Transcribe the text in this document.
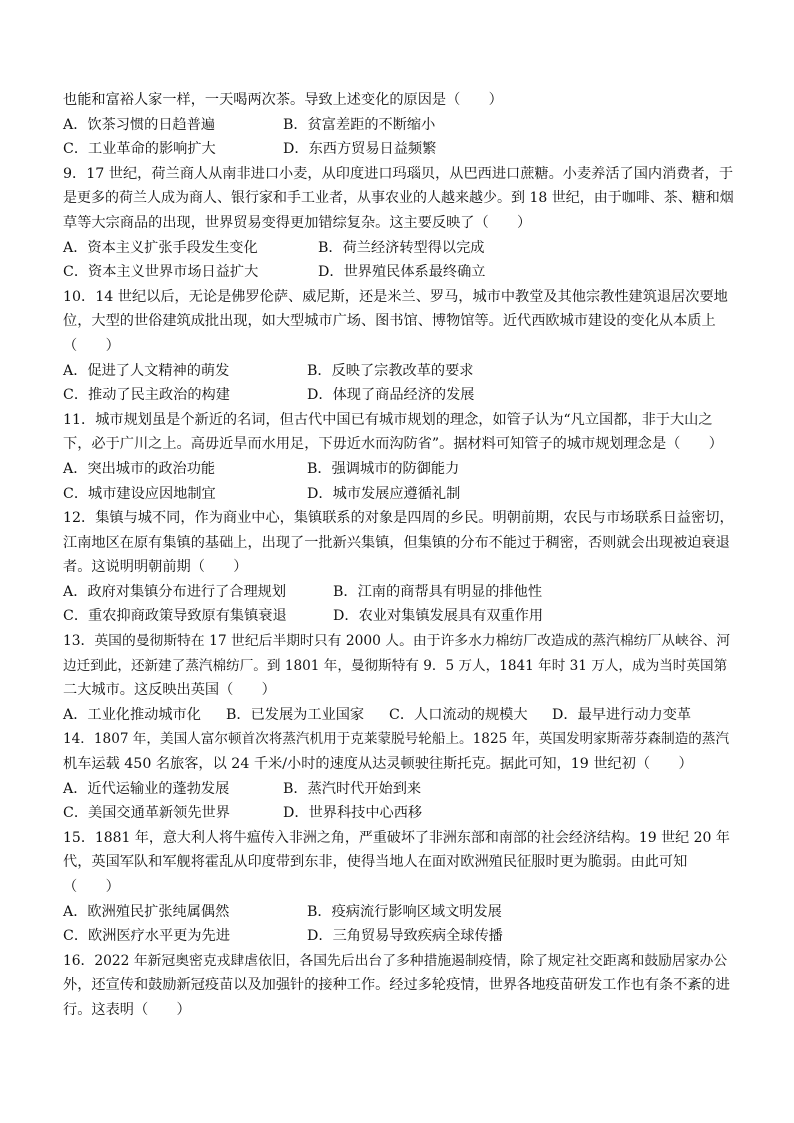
也能和富裕人家一样，一天喝两次茶。导致上述变化的原因是（　　）
A．饮茶习惯的日趋普遍	B．贫富差距的不断缩小
C．工业革命的影响扩大	D．东西方贸易日益频繁
9．17 世纪，荷兰商人从南非进口小麦，从印度进口玛瑙贝，从巴西进口蔗糖。小麦养活了国内消费者，于
是更多的荷兰人成为商人、银行家和手工业者，从事农业的人越来越少。到 18 世纪，由于咖啡、茶、糖和烟
草等大宗商品的出现，世界贸易变得更加错综复杂。这主要反映了（　　）
A．资本主义扩张手段发生变化	B．荷兰经济转型得以完成
C．资本主义世界市场日益扩大	D．世界殖民体系最终确立
10．14 世纪以后，无论是佛罗伦萨、威尼斯，还是米兰、罗马，城市中教堂及其他宗教性建筑退居次要地
位，大型的世俗建筑成批出现，如大型城市广场、图书馆、博物馆等。近代西欧城市建设的变化从本质上
（　　）
A．促进了人文精神的萌发	B．反映了宗教改革的要求
C．推动了民主政治的构建	D．体现了商品经济的发展
11．城市规划虽是个新近的名词，但古代中国已有城市规划的理念，如管子认为“凡立国都，非于大山之
下，必于广川之上。高毋近旱而水用足，下毋近水而沟防省”。据材料可知管子的城市规划理念是（　　）
A．突出城市的政治功能	B．强调城市的防御能力
C．城市建设应因地制宜	D．城市发展应遵循礼制
12．集镇与城不同，作为商业中心，集镇联系的对象是四周的乡民。明朝前期，农民与市场联系日益密切，
江南地区在原有集镇的基础上，出现了一批新兴集镇，但集镇的分布不能过于稠密，否则就会出现被迫衰退
者。这说明明朝前期（　　）
A．政府对集镇分布进行了合理规划	B．江南的商帮具有明显的排他性
C．重农抑商政策导致原有集镇衰退	D．农业对集镇发展具有双重作用
13．英国的曼彻斯特在 17 世纪后半期时只有 2000 人。由于许多水力棉纺厂改造成的蒸汽棉纺厂从峡谷、河
边迁到此，还新建了蒸汽棉纺厂。到 1801 年，曼彻斯特有 9．5 万人，1841 年时 31 万人，成为当时英国第
二大城市。这反映出英国（　　）
A．工业化推动城市化	B．已发展为工业国家	C．人口流动的规模大	D．最早进行动力变革
14．1807 年，美国人富尔顿首次将蒸汽机用于克莱蒙脱号轮船上。1825 年，英国发明家斯蒂芬森制造的蒸汽
机车运载 450 名旅客，以 24 千米/小时的速度从达灵顿驶往斯托克。据此可知，19 世纪初（　　）
A．近代运输业的蓬勃发展	B．蒸汽时代开始到来
C．美国交通革新领先世界	D．世界科技中心西移
15．1881 年，意大利人将牛瘟传入非洲之角，严重破坏了非洲东部和南部的社会经济结构。19 世纪 20 年
代，英国军队和军舰将霍乱从印度带到东非，使得当地人在面对欧洲殖民征服时更为脆弱。由此可知
（　　）
A．欧洲殖民扩张纯属偶然	B．疫病流行影响区域文明发展
C．欧洲医疗水平更为先进	D．三角贸易导致疾病全球传播
16．2022 年新冠奥密克戎肆虐依旧，各国先后出台了多种措施遏制疫情，除了规定社交距离和鼓励居家办公
外，还宣传和鼓励新冠疫苗以及加强针的接种工作。经过多轮疫情，世界各地疫苗研发工作也有条不紊的进
行。这表明（　　）
